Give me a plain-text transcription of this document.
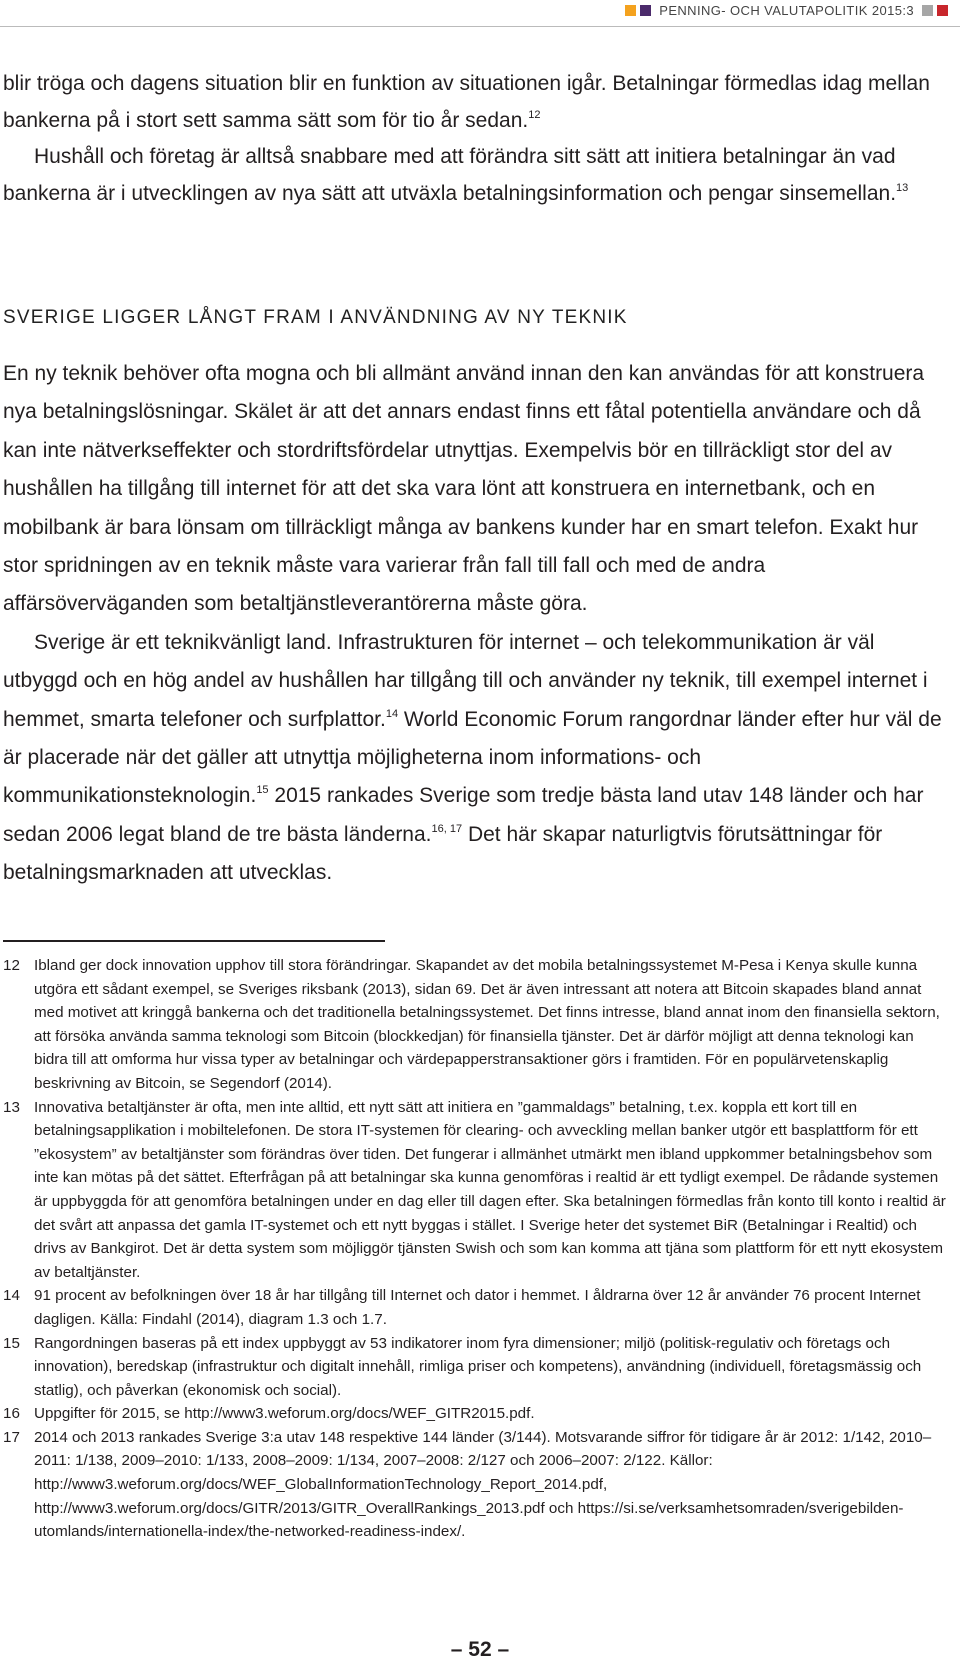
PENNING- OCH VALUTAPOLITIK 2015:3

blir tröga och dagens situation blir en funktion av situationen igår. Betalningar förmedlas idag mellan bankerna på i stort sett samma sätt som för tio år sedan.$^{12}$

Hushåll och företag är alltså snabbare med att förändra sitt sätt att initiera betalningar än vad bankerna är i utvecklingen av nya sätt att utväxla betalningsinformation och pengar sinsemellan.$^{13}$

SVERIGE LIGGER LÅNGT FRAM I ANVÄNDNING AV NY TEKNIK

En ny teknik behöver ofta mogna och bli allmänt använd innan den kan användas för att konstruera nya betalningslösningar. Skälet är att det annars endast finns ett fåtal potentiella användare och då kan inte nätverkseffekter och stordriftsfördelar utnyttjas. Exempelvis bör en tillräckligt stor del av hushållen ha tillgång till internet för att det ska vara lönt att konstruera en internetbank, och en mobilbank är bara lönsam om tillräckligt många av bankens kunder har en smart telefon. Exakt hur stor spridningen av en teknik måste vara varierar från fall till fall och med de andra affärsöverväganden som betaltjänstleverantörerna måste göra.

Sverige är ett teknikvänligt land. Infrastrukturen för internet – och telekommunikation är väl utbyggd och en hög andel av hushållen har tillgång till och använder ny teknik, till exempel internet i hemmet, smarta telefoner och surfplattor.$^{14}$ World Economic Forum rangordnar länder efter hur väl de är placerade när det gäller att utnyttja möjligheterna inom informations- och kommunikationsteknologin.$^{15}$ 2015 rankades Sverige som tredje bästa land utav 148 länder och har sedan 2006 legat bland de tre bästa länderna.$^{16, 17}$ Det här skapar naturligtvis förutsättningar för betalningsmarknaden att utvecklas.

12 Ibland ger dock innovation upphov till stora förändringar. Skapandet av det mobila betalningssystemet M-Pesa i Kenya skulle kunna utgöra ett sådant exempel, se Sveriges riksbank (2013), sidan 69. Det är även intressant att notera att Bitcoin skapades bland annat med motivet att kringgå bankerna och det traditionella betalningssystemet. Det finns intresse, bland annat inom den finansiella sektorn, att försöka använda samma teknologi som Bitcoin (blockkedjan) för finansiella tjänster. Det är därför möjligt att denna teknologi kan bidra till att omforma hur vissa typer av betalningar och värdepapperstransaktioner görs i framtiden. För en populärvetenskaplig beskrivning av Bitcoin, se Segendorf (2014).
13 Innovativa betaltjänster är ofta, men inte alltid, ett nytt sätt att initiera en ”gammaldags” betalning, t.ex. koppla ett kort till en betalningsapplikation i mobiltelefonen. De stora IT-systemen för clearing- och avveckling mellan banker utgör ett basplattform för ett ”ekosystem” av betaltjänster som förändras över tiden. Det fungerar i allmänhet utmärkt men ibland uppkommer betalningsbehov som inte kan mötas på det sättet. Efterfrågan på att betalningar ska kunna genomföras i realtid är ett tydligt exempel. De rådande systemen är uppbyggda för att genomföra betalningen under en dag eller till dagen efter. Ska betalningen förmedlas från konto till konto i realtid är det svårt att anpassa det gamla IT-systemet och ett nytt byggas i stället. I Sverige heter det systemet BiR (Betalningar i Realtid) och drivs av Bankgirot. Det är detta system som möjliggör tjänsten Swish och som kan komma att tjäna som plattform för ett nytt ekosystem av betaltjänster.
14 91 procent av befolkningen över 18 år har tillgång till Internet och dator i hemmet. I åldrarna över 12 år använder 76 procent Internet dagligen. Källa: Findahl (2014), diagram 1.3 och 1.7.
15 Rangordningen baseras på ett index uppbyggt av 53 indikatorer inom fyra dimensioner; miljö (politisk-regulativ och företags och innovation), beredskap (infrastruktur och digitalt innehåll, rimliga priser och kompetens), användning (individuell, företagsmässig och statlig), och påverkan (ekonomisk och social).
16 Uppgifter för 2015, se http://www3.weforum.org/docs/WEF_GITR2015.pdf.
17 2014 och 2013 rankades Sverige 3:a utav 148 respektive 144 länder (3/144). Motsvarande siffror för tidigare år är 2012: 1/142, 2010–2011: 1/138, 2009–2010: 1/133, 2008–2009: 1/134, 2007–2008: 2/127 och 2006–2007: 2/122. Källor: http://www3.weforum.org/docs/WEF_GlobalInformationTechnology_Report_2014.pdf, http://www3.weforum.org/docs/GITR/2013/GITR_OverallRankings_2013.pdf och https://si.se/verksamhetsomraden/sverigebilden-utomlands/internationella-index/the-networked-readiness-index/.
– 52 –
